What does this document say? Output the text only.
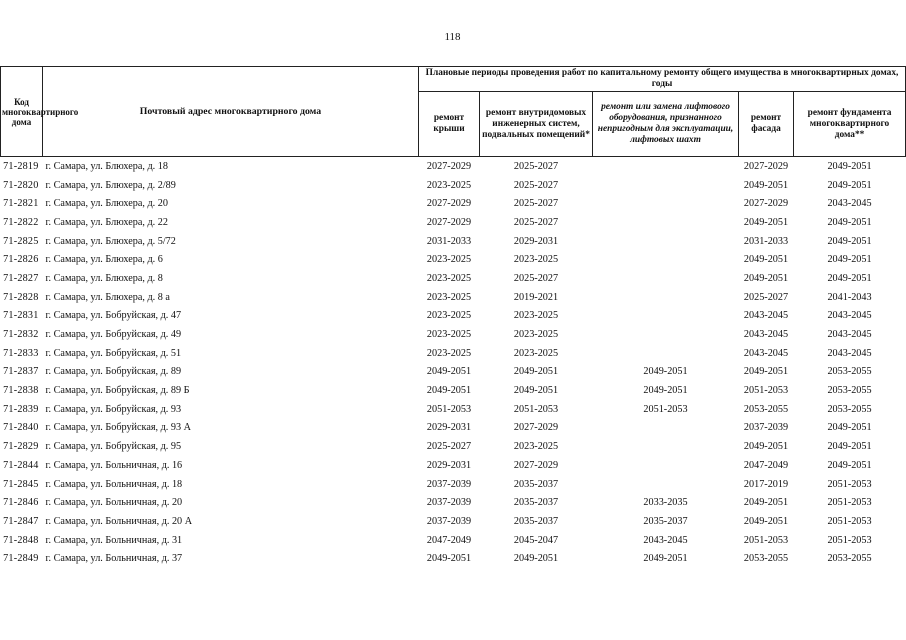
118
Код многоквартирного дома	Почтовый адрес многоквартирного дома	Плановые периоды проведения работ по капитальному ремонту общего имущества в многоквартирных домах, годы				
		ремонт крыши	ремонт внутридомовых инженерных систем, подвальных помещений*	ремонт или замена лифтового оборудования, признанного непригодным для эксплуатации, лифтовых шахт	ремонт фасада	ремонт фундамента многоквартирного дома**
71-2819	г. Самара, ул. Блюхера, д. 18	2027-2029	2025-2027		2027-2029	2049-2051
71-2820	г. Самара, ул. Блюхера, д. 2/89	2023-2025	2025-2027		2049-2051	2049-2051
71-2821	г. Самара, ул. Блюхера, д. 20	2027-2029	2025-2027		2027-2029	2043-2045
71-2822	г. Самара, ул. Блюхера, д. 22	2027-2029	2025-2027		2049-2051	2049-2051
71-2825	г. Самара, ул. Блюхера, д. 5/72	2031-2033	2029-2031		2031-2033	2049-2051
71-2826	г. Самара, ул. Блюхера, д. 6	2023-2025	2023-2025		2049-2051	2049-2051
71-2827	г. Самара, ул. Блюхера, д. 8	2023-2025	2025-2027		2049-2051	2049-2051
71-2828	г. Самара, ул. Блюхера, д. 8 а	2023-2025	2019-2021		2025-2027	2041-2043
71-2831	г. Самара, ул. Бобруйская, д. 47	2023-2025	2023-2025		2043-2045	2043-2045
71-2832	г. Самара, ул. Бобруйская, д. 49	2023-2025	2023-2025		2043-2045	2043-2045
71-2833	г. Самара, ул. Бобруйская, д. 51	2023-2025	2023-2025		2043-2045	2043-2045
71-2837	г. Самара, ул. Бобруйская, д. 89	2049-2051	2049-2051	2049-2051	2049-2051	2053-2055
71-2838	г. Самара, ул. Бобруйская, д. 89 Б	2049-2051	2049-2051	2049-2051	2051-2053	2053-2055
71-2839	г. Самара, ул. Бобруйская, д. 93	2051-2053	2051-2053	2051-2053	2053-2055	2053-2055
71-2840	г. Самара, ул. Бобруйская, д. 93 А	2029-2031	2027-2029		2037-2039	2049-2051
71-2829	г. Самара, ул. Бобруйская, д. 95	2025-2027	2023-2025		2049-2051	2049-2051
71-2844	г. Самара, ул. Больничная, д. 16	2029-2031	2027-2029		2047-2049	2049-2051
71-2845	г. Самара, ул. Больничная, д. 18	2037-2039	2035-2037		2017-2019	2051-2053
71-2846	г. Самара, ул. Больничная, д. 20	2037-2039	2035-2037	2033-2035	2049-2051	2051-2053
71-2847	г. Самара, ул. Больничная, д. 20 А	2037-2039	2035-2037	2035-2037	2049-2051	2051-2053
71-2848	г. Самара, ул. Больничная, д. 31	2047-2049	2045-2047	2043-2045	2051-2053	2051-2053
71-2849	г. Самара, ул. Больничная, д. 37	2049-2051	2049-2051	2049-2051	2053-2055	2053-2055
